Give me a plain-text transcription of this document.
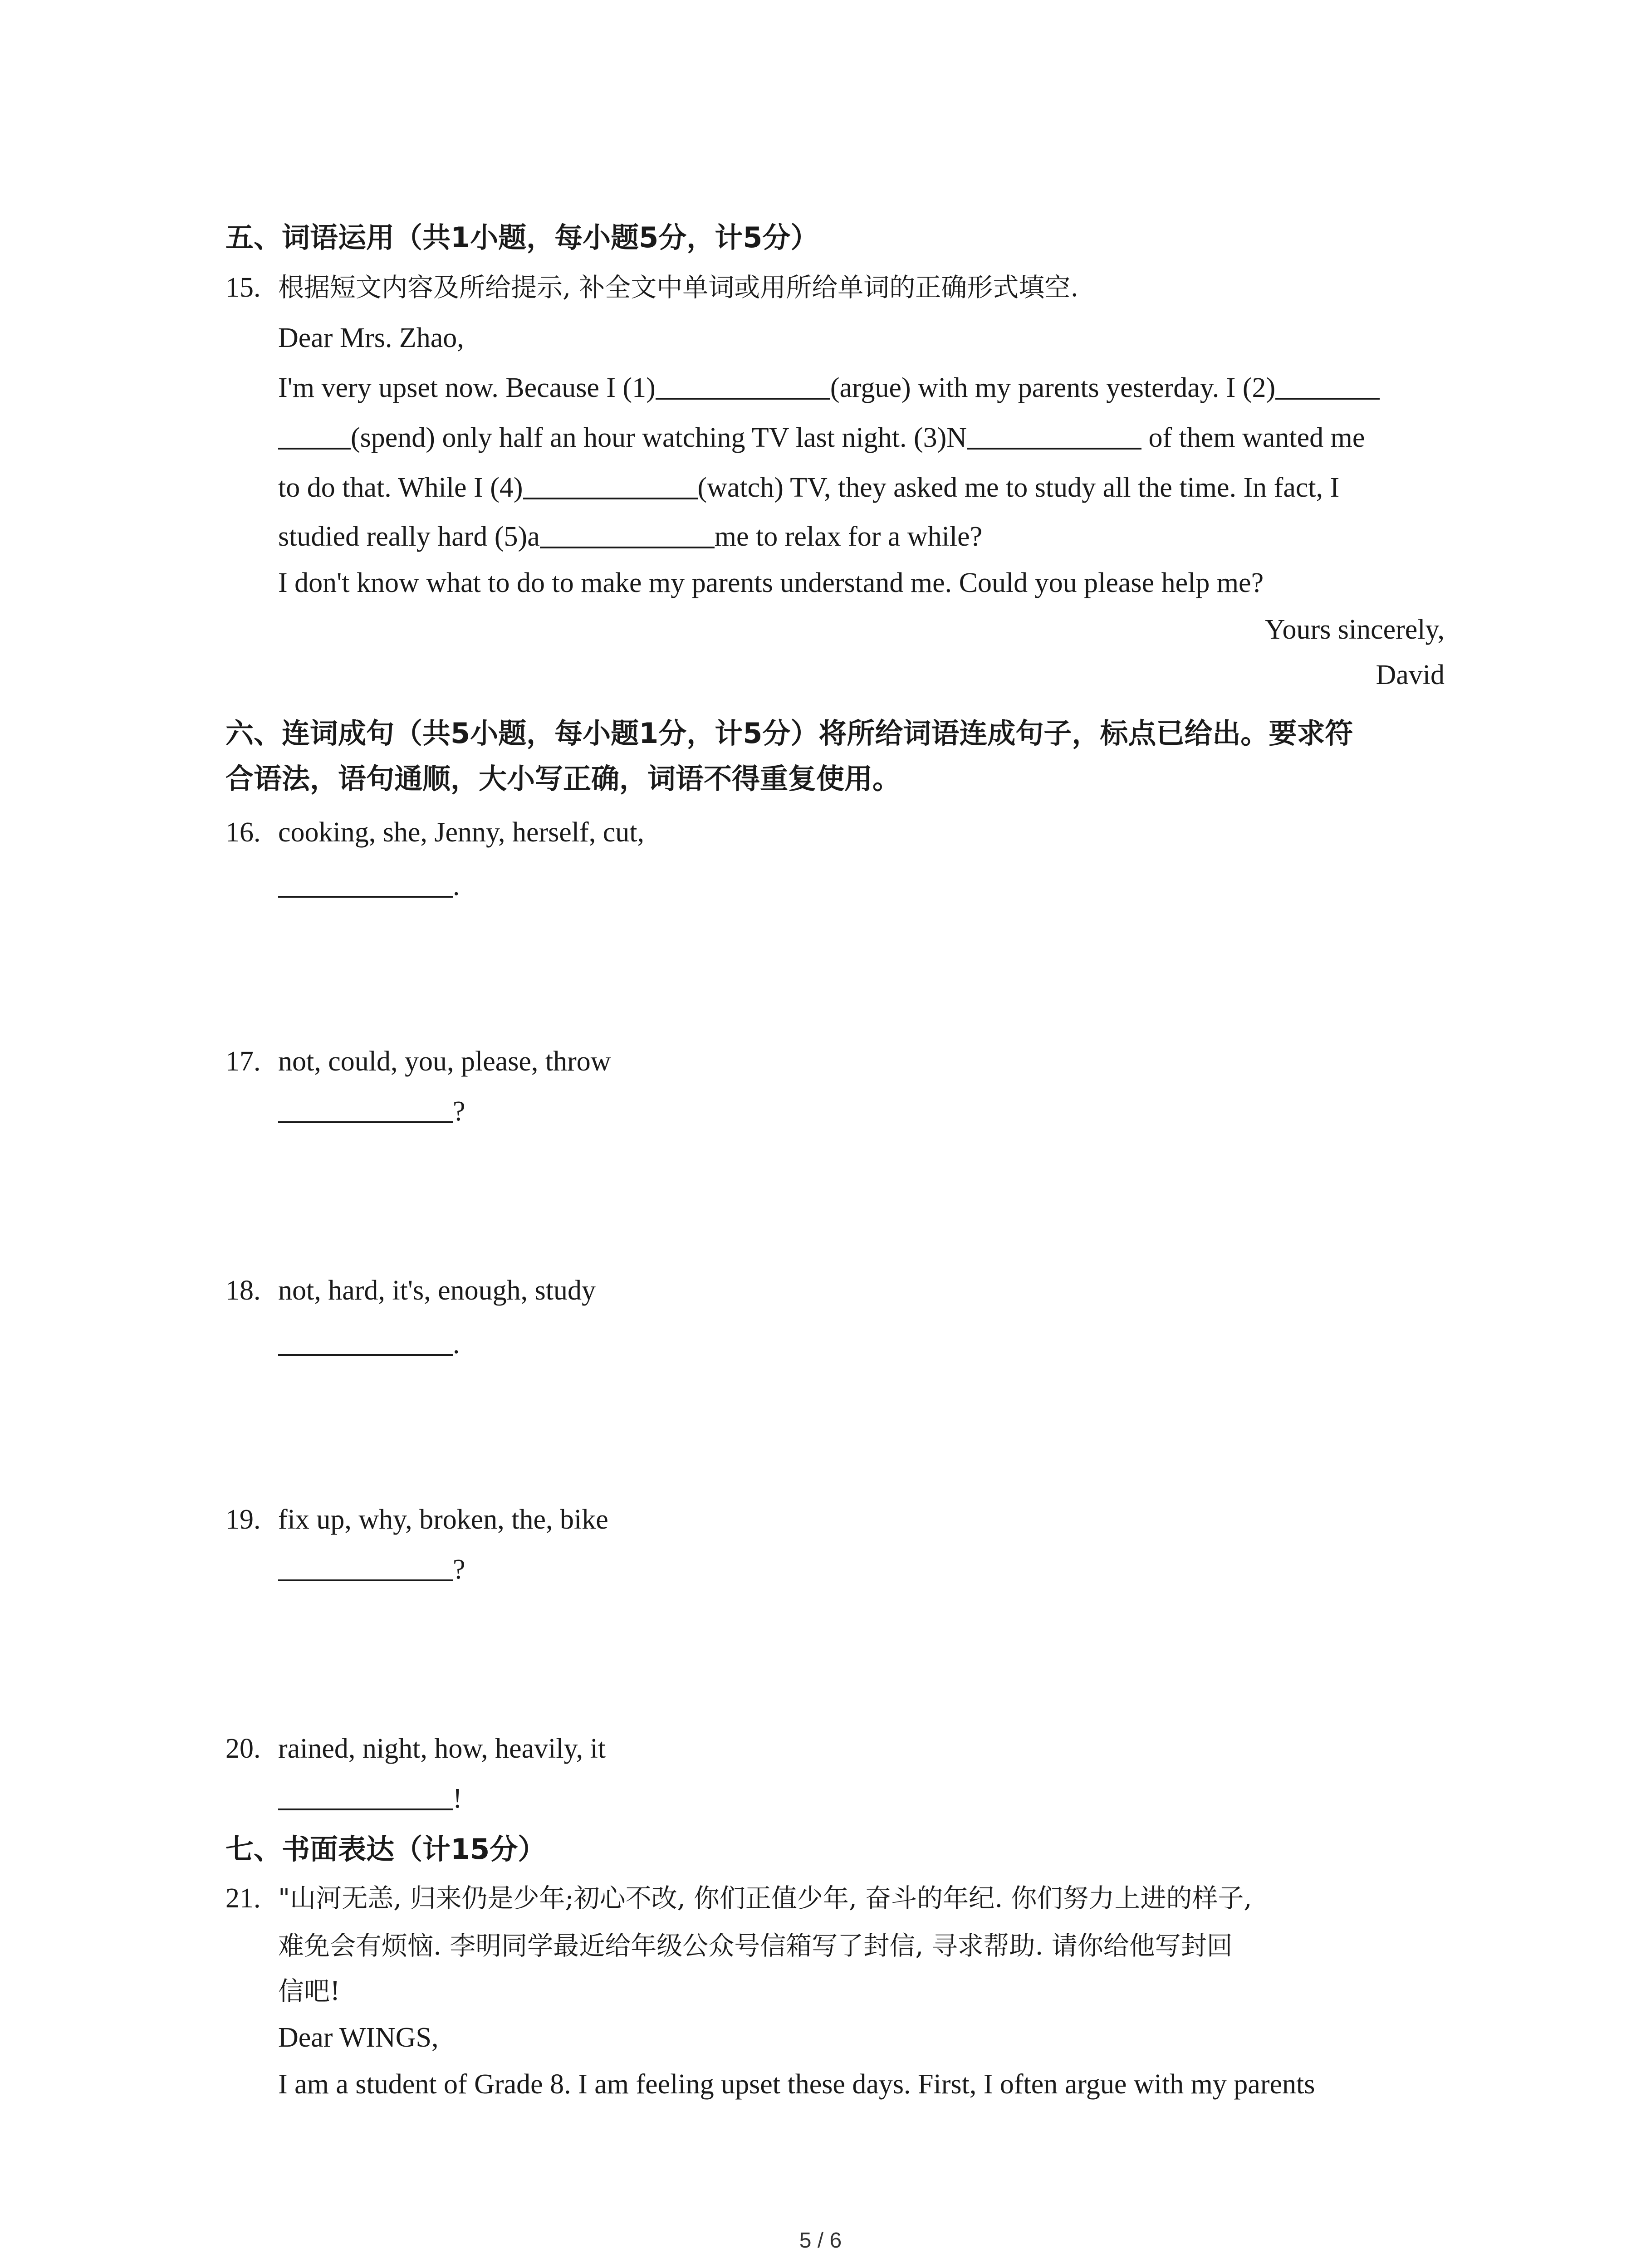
五、词语运用（共1小题，每小题5分，计5分）
15. 根据短文内容及所给提示, 补全文中单词或用所给单词的正确形式填空.
Dear Mrs. Zhao,
I'm very upset now. Because I (1)	(argue) with my parents yesterday. I (2)
(spend) only half an hour watching TV last night. (3)N	of them wanted me
to do that. While I (4)	(watch) TV, they asked me to study all the time. In fact, I
studied really hard (5)a	me to relax for a while?
I don't know what to do to make my parents understand me. Could you please help me?
Yours sincerely,
David
六、连词成句（共5小题，每小题1分，计5分）将所给词语连成句子，标点已给出。要求符
合语法，语句通顺，大小写正确，词语不得重复使用。
16. cooking, she, Jenny, herself, cut,
.
17. not, could, you, please, throw
?
18. not, hard, it's, enough, study
.
19. fix up, why, broken, the, bike
?
20. rained, night, how, heavily, it
!
七、书面表达（计15分）
21. "山河无恙, 归来仍是少年;初心不改, 你们正值少年, 奋斗的年纪. 你们努力上进的样子,
难免会有烦恼. 李明同学最近给年级公众号信箱写了封信, 寻求帮助. 请你给他写封回
信吧!
Dear WINGS,
I am a student of Grade 8. I am feeling upset these days. First, I often argue with my parents
5 / 6
